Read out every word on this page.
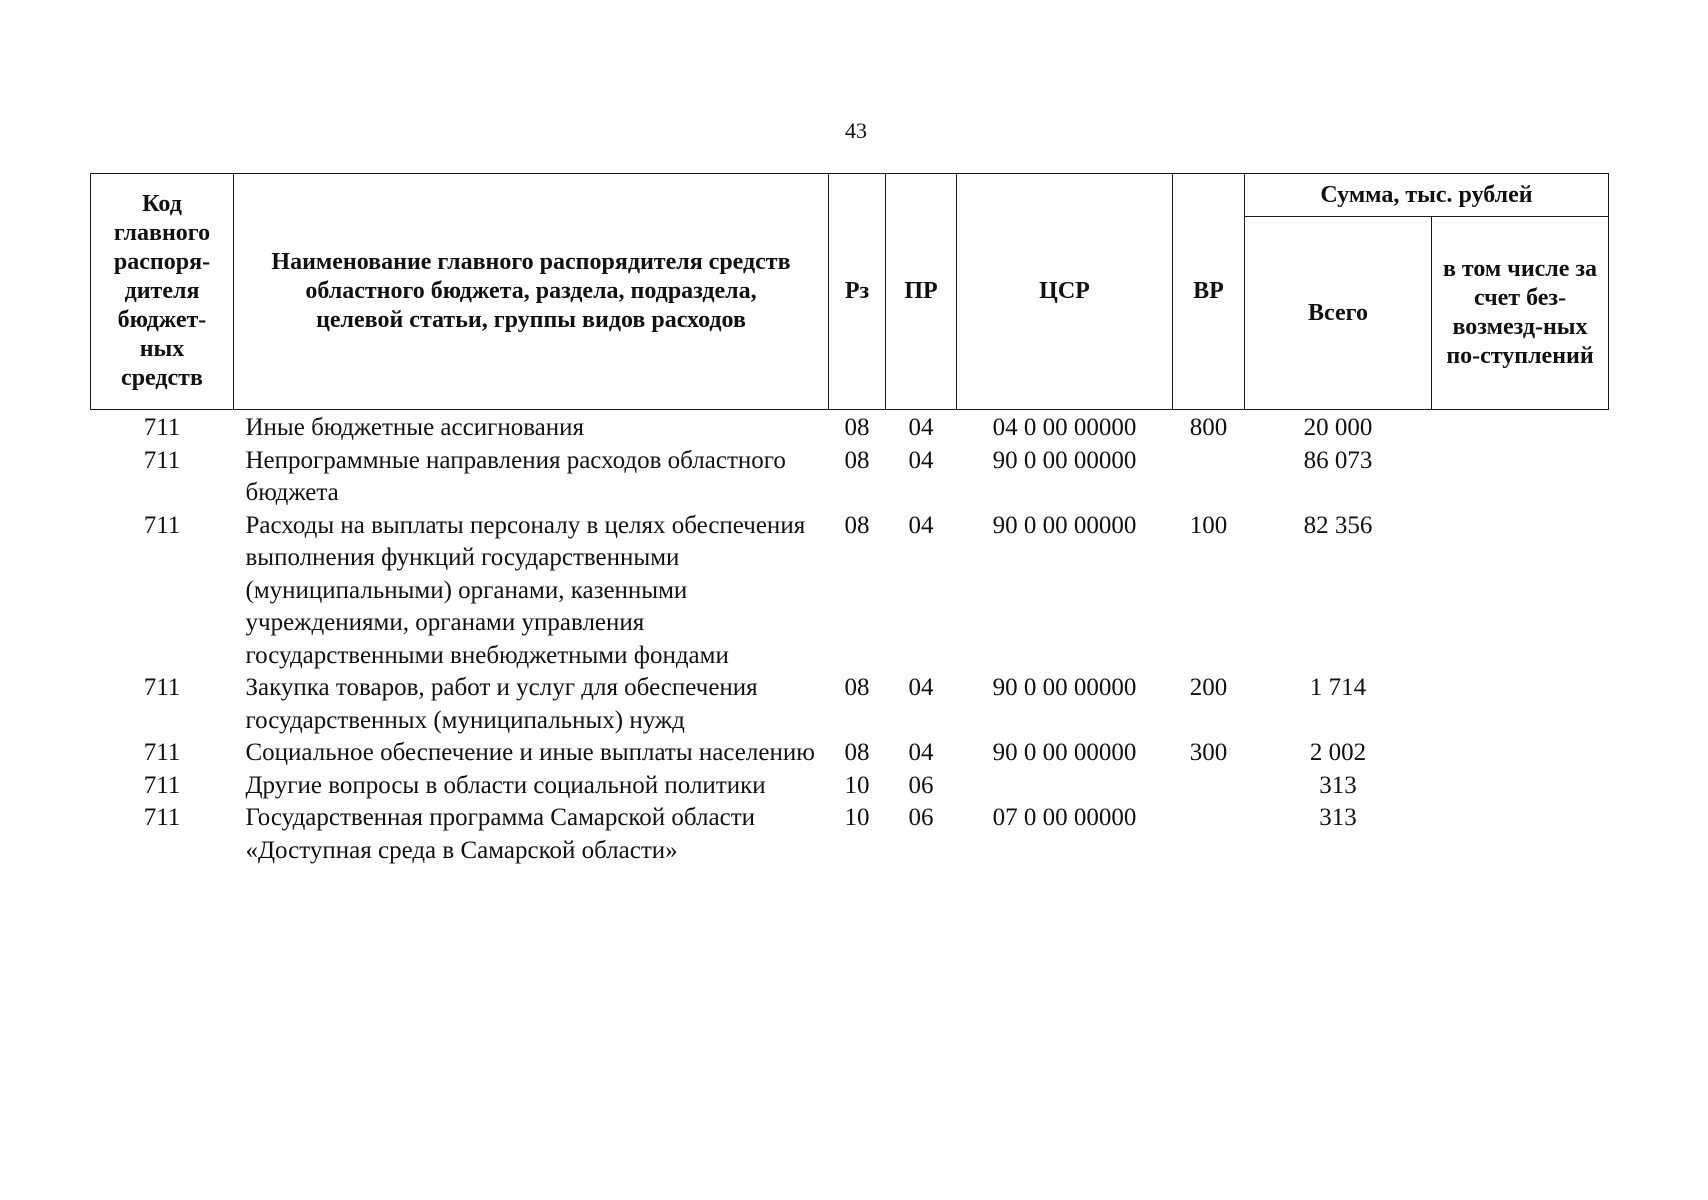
43
Код главного распоря-дителя бюджет-ных средств	Наименование главного распорядителя средств областного бюджета, раздела, подраздела, целевой статьи, группы видов расходов	Рз	ПР	ЦСР	ВР	Сумма, тыс. рублей	
						Всего	в том числе за счет без-возмезд-ных по-ступлений
711	Иные бюджетные ассигнования	08	04	04 0 00 00000	800	20 000	
711	Непрограммные направления расходов областного бюджета	08	04	90 0 00 00000		86 073	
711	Расходы на выплаты персоналу в целях обеспечения выполнения функций государственными (муниципальными) органами, казенными учреждениями, органами управления государственными внебюджетными фондами	08	04	90 0 00 00000	100	82 356	
711	Закупка товаров, работ и услуг для обеспечения государственных (муниципальных) нужд	08	04	90 0 00 00000	200	1 714	
711	Социальное обеспечение и иные выплаты населению	08	04	90 0 00 00000	300	2 002	
711	Другие вопросы в области социальной политики	10	06			313	
711	Государственная программа Самарской области «Доступная среда в Самарской области»	10	06	07 0 00 00000		313	
